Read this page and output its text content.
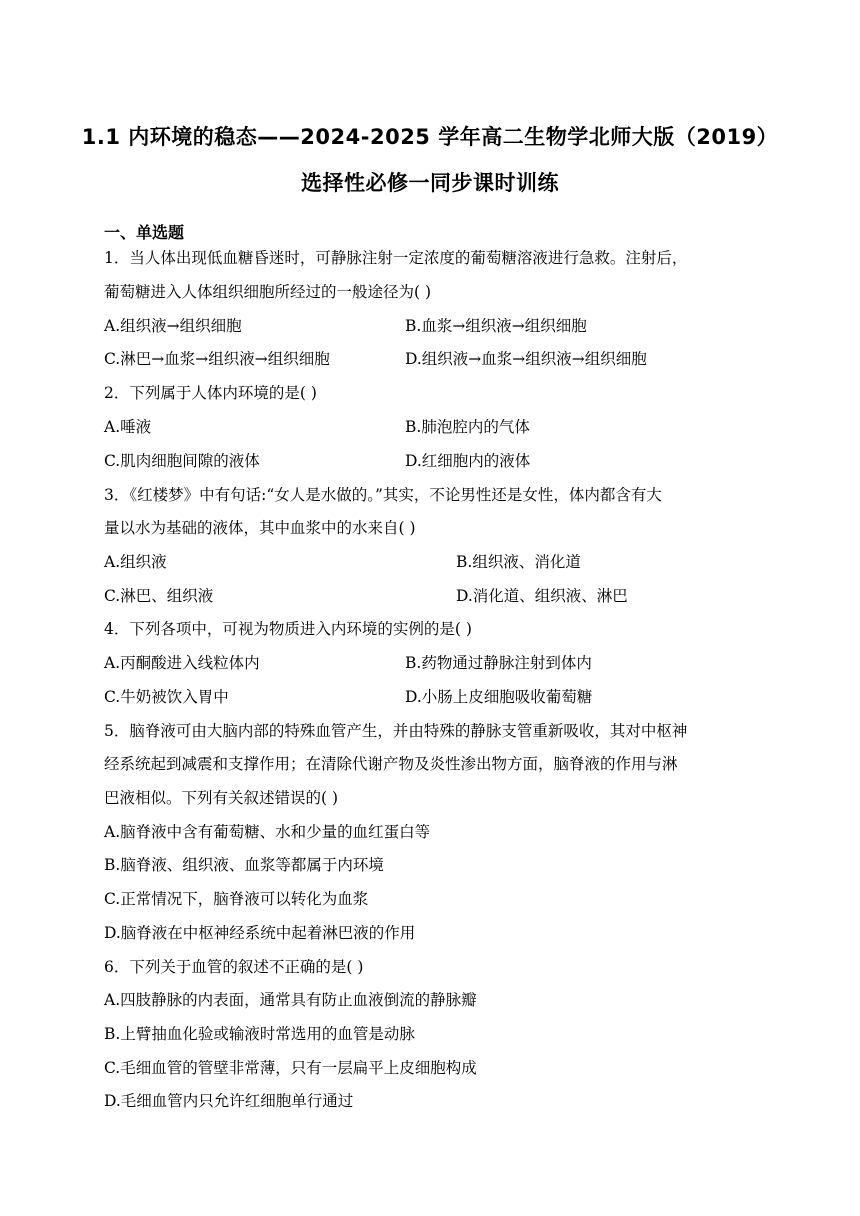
1.1 内环境的稳态——2024-2025 学年高二生物学北师大版（2019）
选择性必修一同步课时训练
一、单选题
1．当人体出现低血糖昏迷时，可静脉注射一定浓度的葡萄糖溶液进行急救。注射后，
葡萄糖进入人体组织细胞所经过的一般途径为( )
A.组织液→组织细胞	B.血浆→组织液→组织细胞
C.淋巴→血浆→组织液→组织细胞	D.组织液→血浆→组织液→组织细胞
2．下列属于人体内环境的是( )
A.唾液	B.肺泡腔内的气体
C.肌肉细胞间隙的液体	D.红细胞内的液体
3．《红楼梦》中有句话:“女人是水做的。”其实，不论男性还是女性，体内都含有大
量以水为基础的液体，其中血浆中的水来自( )
A.组织液	B.组织液、消化道
C.淋巴、组织液	D.消化道、组织液、淋巴
4．下列各项中，可视为物质进入内环境的实例的是( )
A.丙酮酸进入线粒体内	B.药物通过静脉注射到体内
C.牛奶被饮入胃中	D.小肠上皮细胞吸收葡萄糖
5．脑脊液可由大脑内部的特殊血管产生，并由特殊的静脉支管重新吸收，其对中枢神
经系统起到减震和支撑作用；在清除代谢产物及炎性渗出物方面，脑脊液的作用与淋
巴液相似。下列有关叙述错误的( )
A.脑脊液中含有葡萄糖、水和少量的血红蛋白等
B.脑脊液、组织液、血浆等都属于内环境
C.正常情况下，脑脊液可以转化为血浆
D.脑脊液在中枢神经系统中起着淋巴液的作用
6．下列关于血管的叙述不正确的是( )
A.四肢静脉的内表面，通常具有防止血液倒流的静脉瓣
B.上臂抽血化验或输液时常选用的血管是动脉
C.毛细血管的管壁非常薄，只有一层扁平上皮细胞构成
D.毛细血管内只允许红细胞单行通过
